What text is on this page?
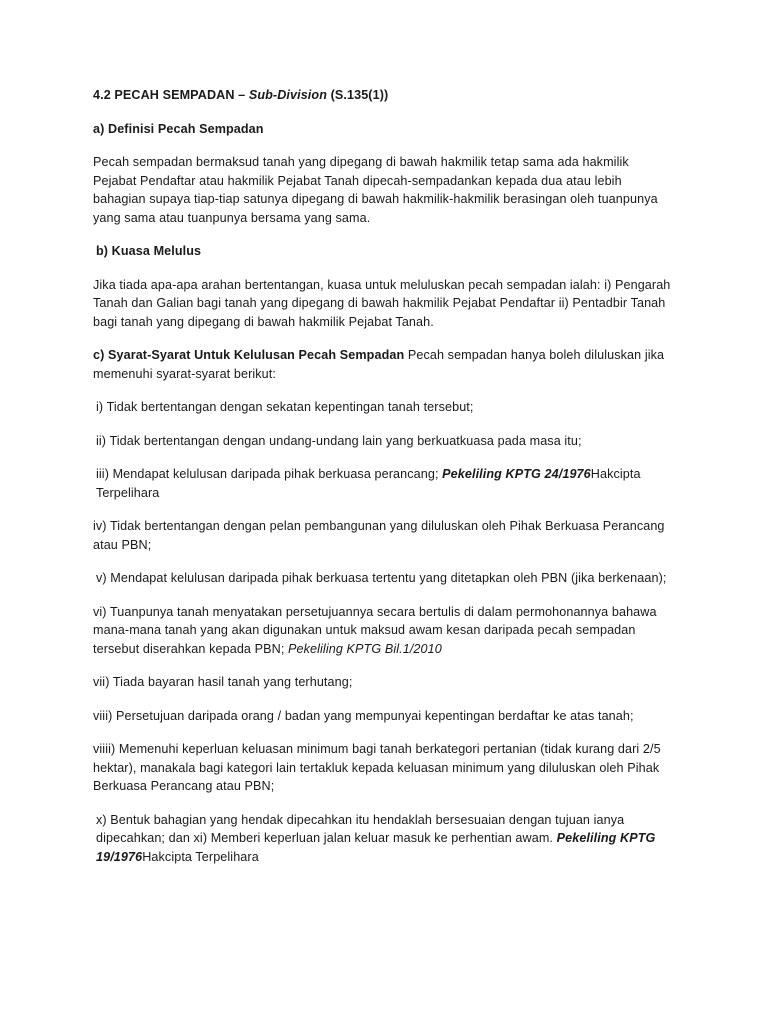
4.2 PECAH SEMPADAN – Sub-Division (S.135(1))

a) Definisi Pecah Sempadan

Pecah sempadan bermaksud tanah yang dipegang di bawah hakmilik tetap sama ada hakmilik Pejabat Pendaftar atau hakmilik Pejabat Tanah dipecah-sempadankan kepada dua atau lebih bahagian supaya tiap-tiap satunya dipegang di bawah hakmilik-hakmilik berasingan oleh tuanpunya yang sama atau tuanpunya bersama yang sama.

b) Kuasa Melulus

Jika tiada apa-apa arahan bertentangan, kuasa untuk meluluskan pecah sempadan ialah: i) Pengarah Tanah dan Galian bagi tanah yang dipegang di bawah hakmilik Pejabat Pendaftar ii) Pentadbir Tanah bagi tanah yang dipegang di bawah hakmilik Pejabat Tanah.

c) Syarat-Syarat Untuk Kelulusan Pecah Sempadan Pecah sempadan hanya boleh diluluskan jika memenuhi syarat-syarat berikut:

i) Tidak bertentangan dengan sekatan kepentingan tanah tersebut;

ii) Tidak bertentangan dengan undang-undang lain yang berkuatkuasa pada masa itu;

iii) Mendapat kelulusan daripada pihak berkuasa perancang; Pekeliling KPTG 24/1976Hakcipta Terpelihara

iv) Tidak bertentangan dengan pelan pembangunan yang diluluskan oleh Pihak Berkuasa Perancang atau PBN;

v) Mendapat kelulusan daripada pihak berkuasa tertentu yang ditetapkan oleh PBN (jika berkenaan);

vi) Tuanpunya tanah menyatakan persetujuannya secara bertulis di dalam permohonannya bahawa mana-mana tanah yang akan digunakan untuk maksud awam kesan daripada pecah sempadan tersebut diserahkan kepada PBN; Pekeliling KPTG Bil.1/2010

vii) Tiada bayaran hasil tanah yang terhutang;

viii) Persetujuan daripada orang / badan yang mempunyai kepentingan berdaftar ke atas tanah;

viiii) Memenuhi keperluan keluasan minimum bagi tanah berkategori pertanian (tidak kurang dari 2/5 hektar), manakala bagi kategori lain tertakluk kepada keluasan minimum yang diluluskan oleh Pihak Berkuasa Perancang atau PBN;

x) Bentuk bahagian yang hendak dipecahkan itu hendaklah bersesuaian dengan tujuan ianya dipecahkan; dan xi) Memberi keperluan jalan keluar masuk ke perhentian awam. Pekeliling KPTG 19/1976Hakcipta Terpelihara
